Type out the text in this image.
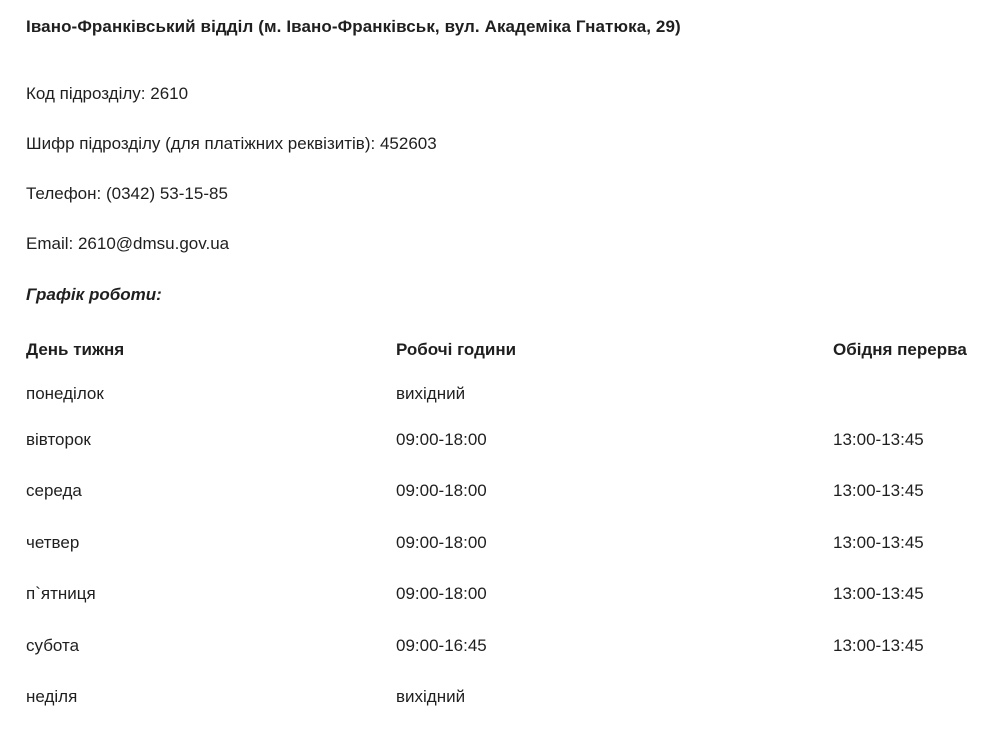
Івано-Франківський відділ (м. Івано-Франківськ, вул. Академіка Гнатюка, 29)
Код підрозділу: 2610
Шифр підрозділу (для платіжних реквізитів): 452603
Телефон: (0342) 53-15-85
Email: 2610@dmsu.gov.ua
Графік роботи:
День тижня	Робочі години	Обідня перерва
понеділок	вихідний	
вівторок	09:00-18:00	13:00-13:45
середа	09:00-18:00	13:00-13:45
четвер	09:00-18:00	13:00-13:45
п`ятниця	09:00-18:00	13:00-13:45
субота	09:00-16:45	13:00-13:45
неділя	вихідний	
